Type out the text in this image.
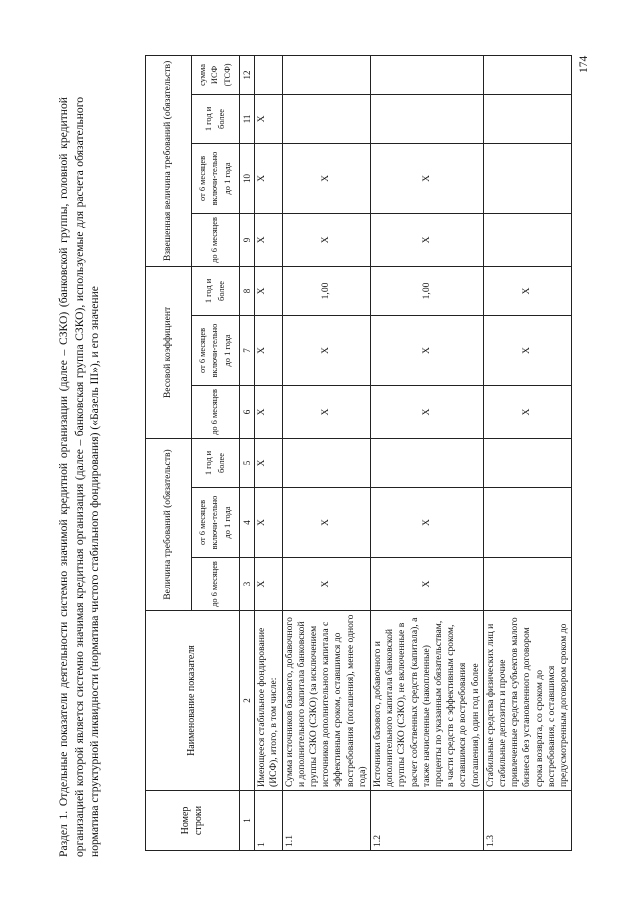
Раздел 1. Отдельные показатели деятельности системно значимой кредитной организации (далее – СЗКО) (банковской группы, головной кредитной организацией которой является системно значимая кредитная организация (далее – банковская группа СЗКО), используемые для расчета обязательного норматива структурной ликвидности (норматива чистого стабильного фондирования) («Базель III»), и его значение	Номер строки	Наименование показателя	Величина требований (обязательств)			Весовой коэффициент			Взвешенная величина требований (обязательств)			
		до 6 месяцев	от 6 месяцев включи-тельно до 1 года	1 год и более	до 6 месяцев	от 6 месяцев включи-тельно до 1 года	1 год и более	до 6 месяцев	от 6 месяцев включи-тельно до 1 года	1 год и более	сумма ИСФ (ТСФ)
1	2	3	4	5	6	7	8	9	10	11	12
1	Имеющееся стабильное фондирование (ИСФ), итого, в том числе:	Х	Х	Х	Х	Х	Х	Х	Х	Х	
1.1	Сумма источников базового, добавочного и дополнительного капитала банковской группы СЗКО (СЗКО) (за исключением источников дополнительного капитала с эффективным сроком, оставшимся до востребования (погашения), менее одного года)	Х	Х		Х	Х	1,00	Х	Х		
1.2	Источники базового, добавочного и дополнительного капитала банковской группы СЗКО (СЗКО), не включенные в расчет собственных средств (капитала), а также начисленные (накопленные) проценты по указанным обязательствам, в части средств с эффективным сроком, оставшимся до востребования (погашения), один год и более	Х	Х		Х	Х	1,00	Х	Х		
1.3	Стабильные средства физических лиц и стабильные депозиты и прочие привлеченные средства субъектов малого бизнеса без установленного договором срока возврата, со сроком до востребования, с оставшимся предусмотренным договором сроком до				Х	Х	Х				
174
